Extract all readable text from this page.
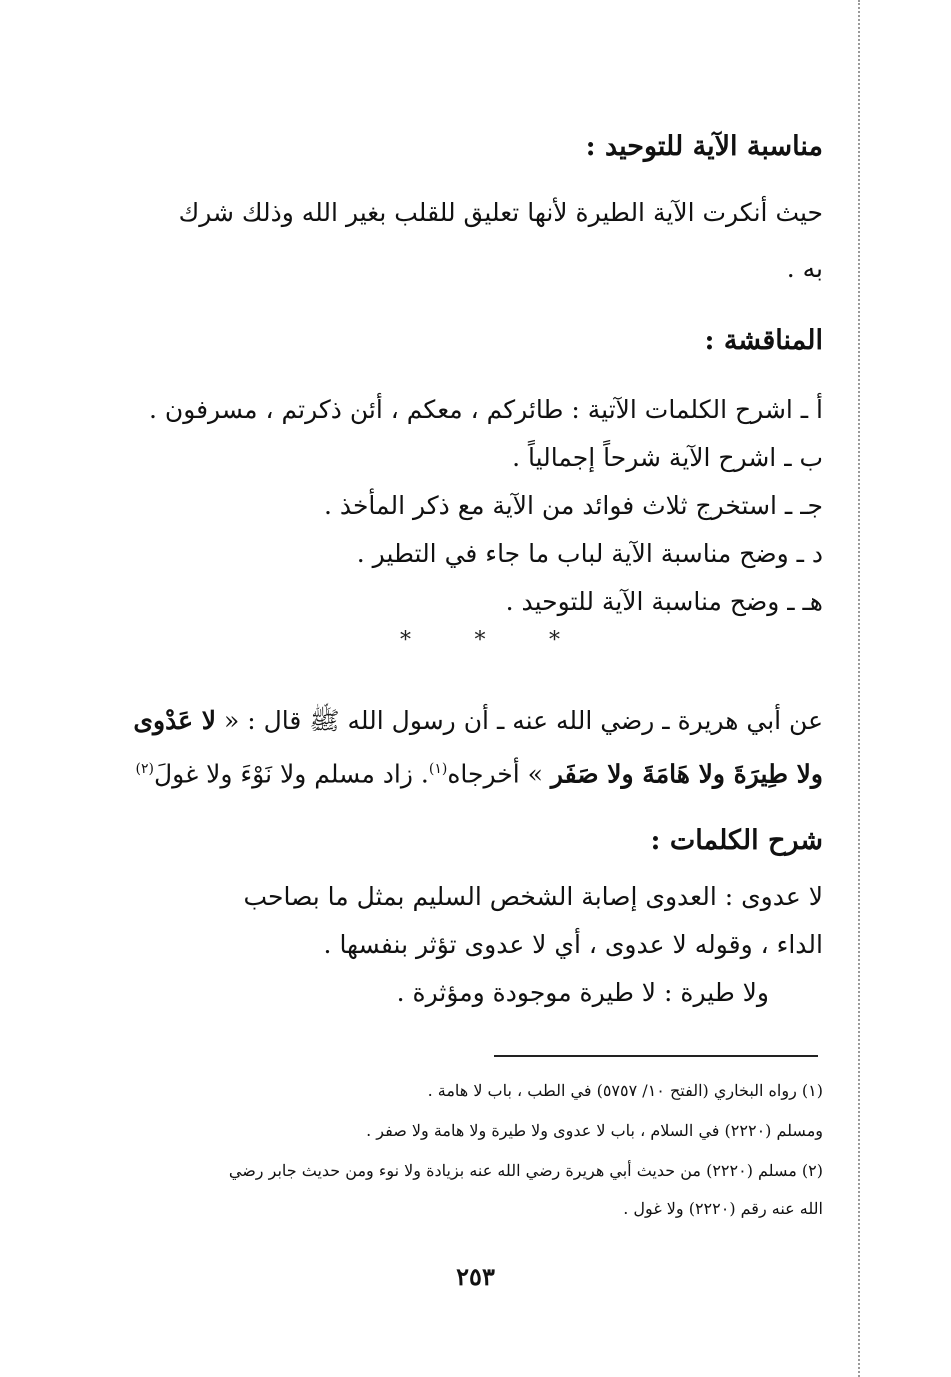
مناسبة الآية للتوحيد :
حيث أنكرت الآية الطيرة لأنها تعليق للقلب بغير الله وذلك شرك
به .
المناقشة :
أ ـ اشرح الكلمات الآتية : طائركم ، معكم ، أئن ذكرتم ، مسرفون .
ب ـ اشرح الآية شرحاً إجمالياً .
جـ ـ استخرج ثلاث فوائد من الآية مع ذكر المأخذ .
د ـ وضح مناسبة الآية لباب ما جاء في التطير .
هـ ـ وضح مناسبة الآية للتوحيد .
*	*	*
عن أبي هريرة ـ رضي الله عنه ـ أن رسول الله ﷺ قال : « لا عَدْوى
ولا طِيرَةَ ولا هَامَةَ ولا صَفَر » أخرجاه$^{(١)}$. زاد مسلم ولا نَوْءَ ولا غولَ$^{(٢)}$
شرح الكلمات :
لا عدوى : العدوى إصابة الشخص السليم بمثل ما بصاحب
الداء ، وقوله لا عدوى ، أي لا عدوى تؤثر بنفسها .
ولا طيرة : لا طيرة موجودة ومؤثرة .
(١) رواه البخاري (الفتح ١٠/ ٥٧٥٧) في الطب ، باب لا هامة .
ومسلم (٢٢٢٠) في السلام ، باب لا عدوى ولا طيرة ولا هامة ولا صفر .
(٢) مسلم (٢٢٢٠) من حديث أبي هريرة رضي الله عنه بزيادة ولا نوء ومن حديث جابر رضي
الله عنه رقم (٢٢٢٠) ولا غول .
٢٥٣
